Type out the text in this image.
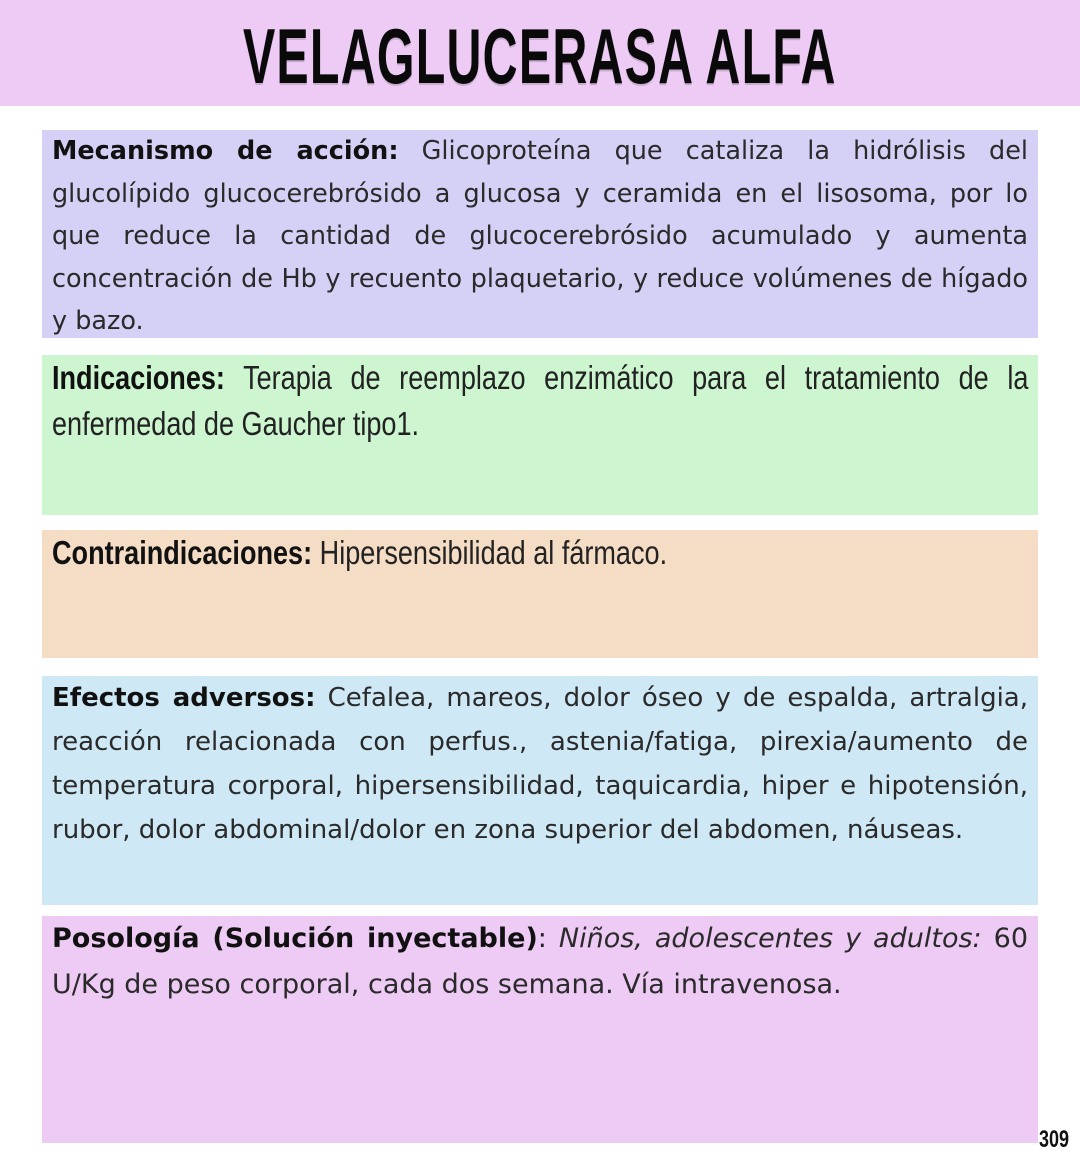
VELAGLUCERASA ALFA

Mecanismo de acción: Glicoproteína que cataliza la hidrólisis del glucolípido glucocerebrósido a glucosa y ceramida en el lisosoma, por lo que reduce la cantidad de glucocerebrósido acumulado y aumenta concentración de Hb y recuento plaquetario, y reduce volúmenes de hígado y bazo.

Indicaciones: Terapia de reemplazo enzimático para el tratamiento de la enfermedad de Gaucher tipo1.

Contraindicaciones: Hipersensibilidad al fármaco.

Efectos adversos: Cefalea, mareos, dolor óseo y de espalda, artralgia, reacción relacionada con perfus., astenia/fatiga, pirexia/aumento de temperatura corporal, hipersensibilidad, taquicardia, hiper e hipotensión, rubor, dolor abdominal/dolor en zona superior del abdomen, náuseas.

Posología (Solución inyectable): Niños, adolescentes y adultos: 60 U/Kg de peso corporal, cada dos semana. Vía intravenosa.

309
